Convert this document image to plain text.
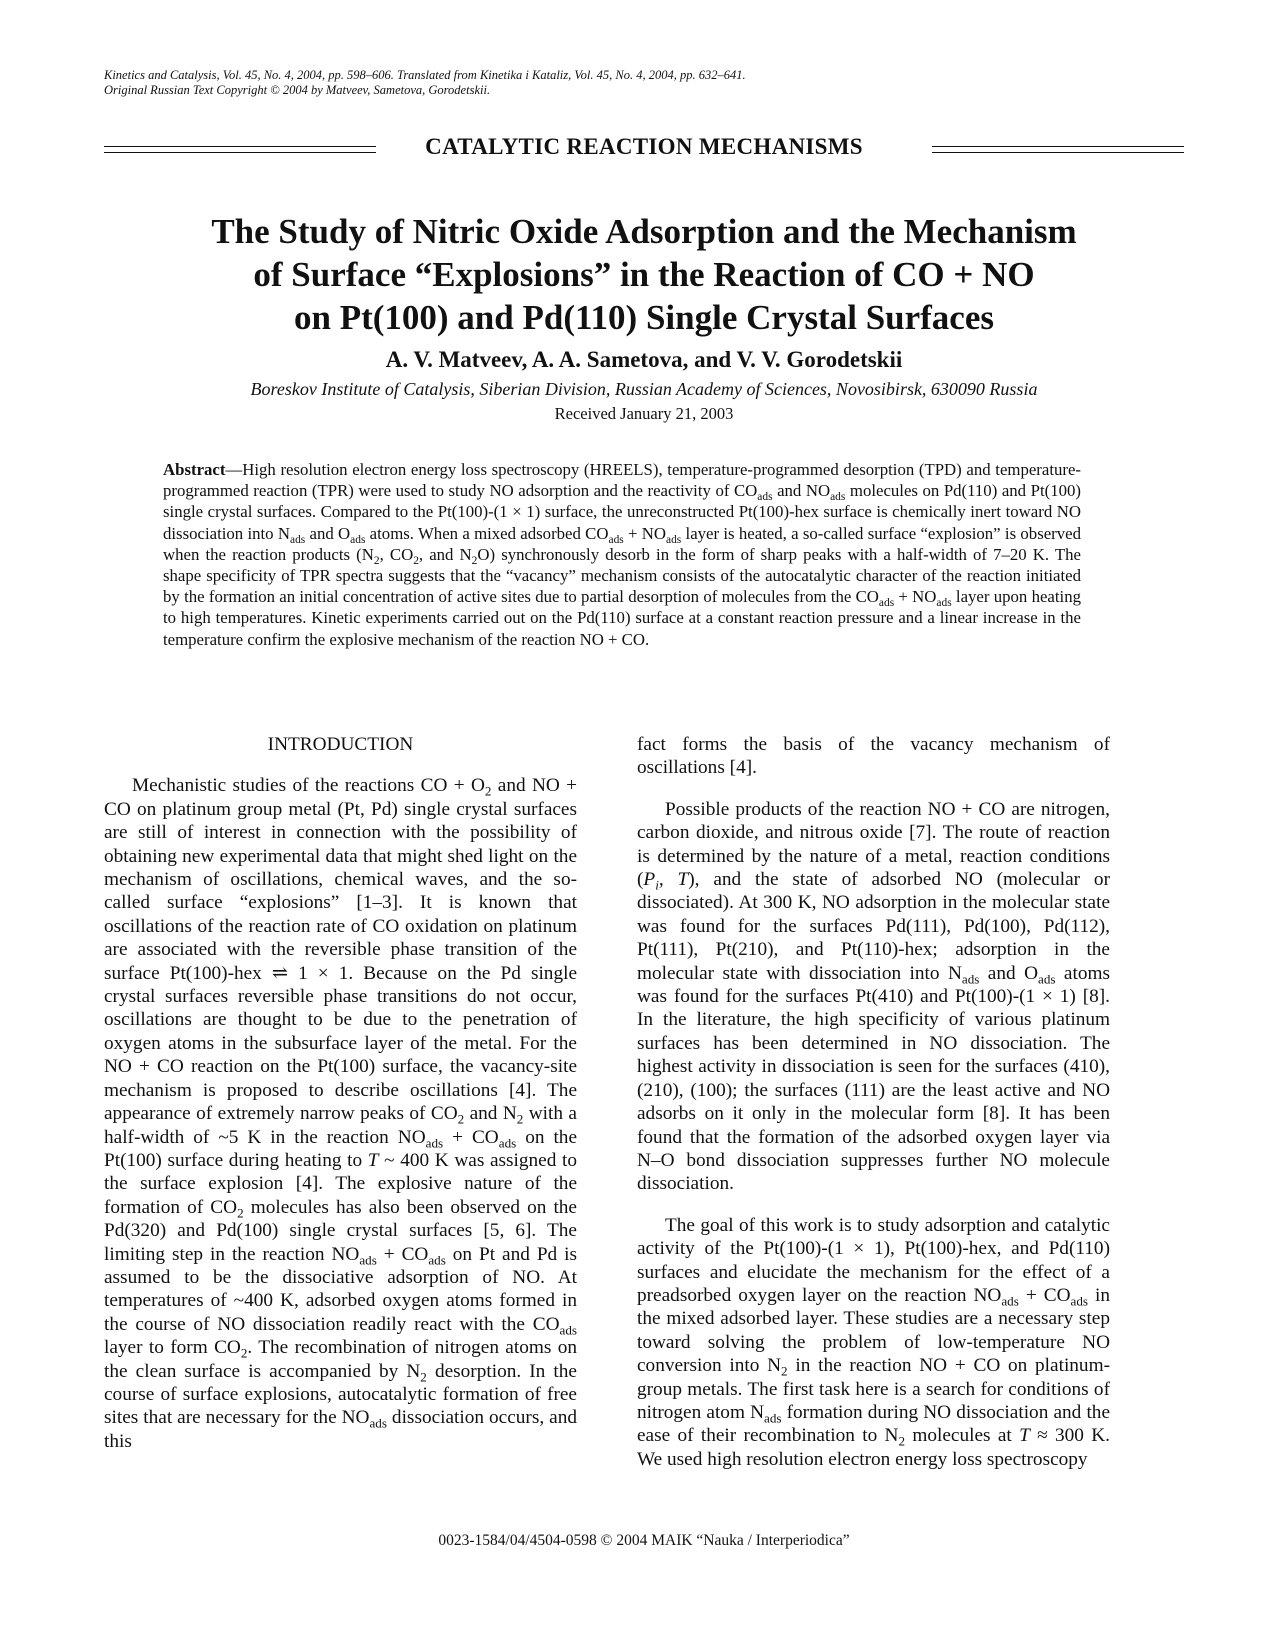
Kinetics and Catalysis, Vol. 45, No. 4, 2004, pp. 598–606. Translated from Kinetika i Kataliz, Vol. 45, No. 4, 2004, pp. 632–641.
Original Russian Text Copyright © 2004 by Matveev, Sametova, Gorodetskii.
CATALYTIC REACTION MECHANISMS
The Study of Nitric Oxide Adsorption and the Mechanism
of Surface “Explosions” in the Reaction of CO + NO
on Pt(100) and Pd(110) Single Crystal Surfaces
A. V. Matveev, A. A. Sametova, and V. V. Gorodetskii
Boreskov Institute of Catalysis, Siberian Division, Russian Academy of Sciences, Novosibirsk, 630090 Russia
Received January 21, 2003
Abstract—High resolution electron energy loss spectroscopy (HREELS), temperature-programmed desorption (TPD) and temperature-programmed reaction (TPR) were used to study NO adsorption and the reactivity of $CO_{ads}$ and $NO_{ads}$ molecules on Pd(110) and Pt(100) single crystal surfaces. Compared to the Pt(100)-(1 × 1) surface, the unreconstructed Pt(100)-hex surface is chemically inert toward NO dissociation into $N_{ads}$ and $O_{ads}$ atoms. When a mixed adsorbed $CO_{ads} + NO_{ads}$ layer is heated, a so-called surface “explosion” is observed when the reaction products ($N_2$, $CO_2$, and $N_2O$) synchronously desorb in the form of sharp peaks with a half-width of 7–20 K. The shape specificity of TPR spectra suggests that the “vacancy” mechanism consists of the autocatalytic character of the reaction initiated by the formation an initial concentration of active sites due to partial desorption of molecules from the $CO_{ads} + NO_{ads}$ layer upon heating to high temperatures. Kinetic experiments carried out on the Pd(110) surface at a constant reaction pressure and a linear increase in the temperature confirm the explosive mechanism of the reaction NO + CO.
INTRODUCTION

Mechanistic studies of the reactions CO + $O_2$ and NO + CO on platinum group metal (Pt, Pd) single crystal surfaces are still of interest in connection with the possibility of obtaining new experimental data that might shed light on the mechanism of oscillations, chemical waves, and the so-called surface “explosions” [1–3]. It is known that oscillations of the reaction rate of CO oxidation on platinum are associated with the reversible phase transition of the surface Pt(100)-hex ⇌ 1 × 1. Because on the Pd single crystal surfaces reversible phase transitions do not occur, oscillations are thought to be due to the penetration of oxygen atoms in the subsurface layer of the metal. For the NO + CO reaction on the Pt(100) surface, the vacancy-site mechanism is proposed to describe oscillations [4]. The appearance of extremely narrow peaks of $CO_2$ and $N_2$ with a half-width of ~5 K in the reaction $NO_{ads} + CO_{ads}$ on the Pt(100) surface during heating to T ~ 400 K was assigned to the surface explosion [4]. The explosive nature of the formation of $CO_2$ molecules has also been observed on the Pd(320) and Pd(100) single crystal surfaces [5, 6]. The limiting step in the reaction $NO_{ads} + CO_{ads}$ on Pt and Pd is assumed to be the dissociative adsorption of NO. At temperatures of ~400 K, adsorbed oxygen atoms formed in the course of NO dissociation readily react with the $CO_{ads}$ layer to form $CO_2$. The recombination of nitrogen atoms on the clean surface is accompanied by $N_2$ desorption. In the course of surface explosions, autocatalytic formation of free sites that are necessary for the $NO_{ads}$ dissociation occurs, and this

fact forms the basis of the vacancy mechanism of oscillations [4].

Possible products of the reaction NO + CO are nitrogen, carbon dioxide, and nitrous oxide [7]. The route of reaction is determined by the nature of a metal, reaction conditions ($P_i$, T), and the state of adsorbed NO (molecular or dissociated). At 300 K, NO adsorption in the molecular state was found for the surfaces Pd(111), Pd(100), Pd(112), Pt(111), Pt(210), and Pt(110)-hex; adsorption in the molecular state with dissociation into $N_{ads}$ and $O_{ads}$ atoms was found for the surfaces Pt(410) and Pt(100)-(1 × 1) [8]. In the literature, the high specificity of various platinum surfaces has been determined in NO dissociation. The highest activity in dissociation is seen for the surfaces (410), (210), (100); the surfaces (111) are the least active and NO adsorbs on it only in the molecular form [8]. It has been found that the formation of the adsorbed oxygen layer via N–O bond dissociation suppresses further NO molecule dissociation.

The goal of this work is to study adsorption and catalytic activity of the Pt(100)-(1 × 1), Pt(100)-hex, and Pd(110) surfaces and elucidate the mechanism for the effect of a preadsorbed oxygen layer on the reaction $NO_{ads} + CO_{ads}$ in the mixed adsorbed layer. These studies are a necessary step toward solving the problem of low-temperature NO conversion into $N_2$ in the reaction NO + CO on platinum-group metals. The first task here is a search for conditions of nitrogen atom $N_{ads}$ formation during NO dissociation and the ease of their recombination to $N_2$ molecules at T ≈ 300 K. We used high resolution electron energy loss spectroscopy

0023-1584/04/4504-0598 © 2004 MAIK “Nauka / Interperiodica”
